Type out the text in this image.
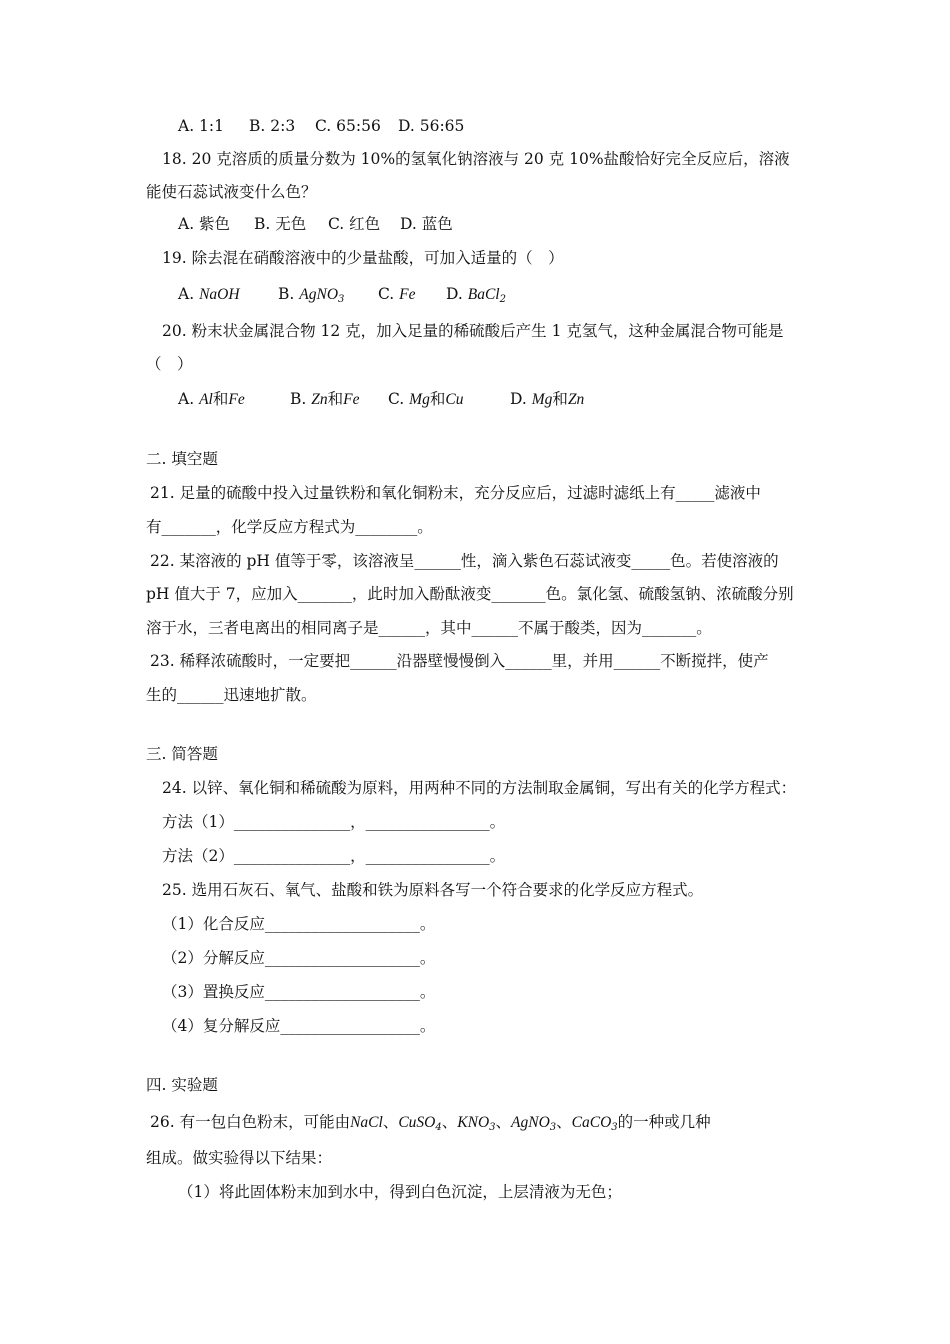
A. 1:1 B. 2:3 C. 65:56 D. 56:65
18. 20 克溶质的质量分数为 10%的氢氧化钠溶液与 20 克 10%盐酸恰好完全反应后，溶液
能使石蕊试液变什么色？
A. 紫色 B. 无色 C. 红色 D. 蓝色
19. 除去混在硝酸溶液中的少量盐酸，可加入适量的（　）
A. NaOH B. AgNO$_3$ C. Fe D. BaCl$_2$
20. 粉末状金属混合物 12 克，加入足量的稀硫酸后产生 1 克氢气，这种金属混合物可能是
（　）
A. Al和Fe	B. Zn和Fe C. Mg和Cu	D. Mg和Zn
二. 填空题
21. 足量的硫酸中投入过量铁粉和氧化铜粉末，充分反应后，过滤时滤纸上有_____滤液中
有_______，化学反应方程式为________。
22. 某溶液的 pH 值等于零，该溶液呈______性，滴入紫色石蕊试液变_____色。若使溶液的
pH 值大于 7，应加入_______，此时加入酚酞液变_______色。氯化氢、硫酸氢钠、浓硫酸分别
溶于水，三者电离出的相同离子是______，其中______不属于酸类，因为_______。
23. 稀释浓硫酸时，一定要把______沿器壁慢慢倒入______里，并用______不断搅拌，使产
生的______迅速地扩散。
三. 简答题
24. 以锌、氧化铜和稀硫酸为原料，用两种不同的方法制取金属铜，写出有关的化学方程式：
方法（1）_______________，________________。
方法（2）_______________，________________。
25. 选用石灰石、氧气、盐酸和铁为原料各写一个符合要求的化学反应方程式。
（1）化合反应____________________。
（2）分解反应____________________。
（3）置换反应____________________。
（4）复分解反应__________________。
四. 实验题
26. 有一包白色粉末，可能由NaCl、CuSO$_4$、$KNO_3$、AgNO$_3$、CaCO$_3$的一种或几种
组成。做实验得以下结果：
（1）将此固体粉末加到水中，得到白色沉淀，上层清液为无色；
